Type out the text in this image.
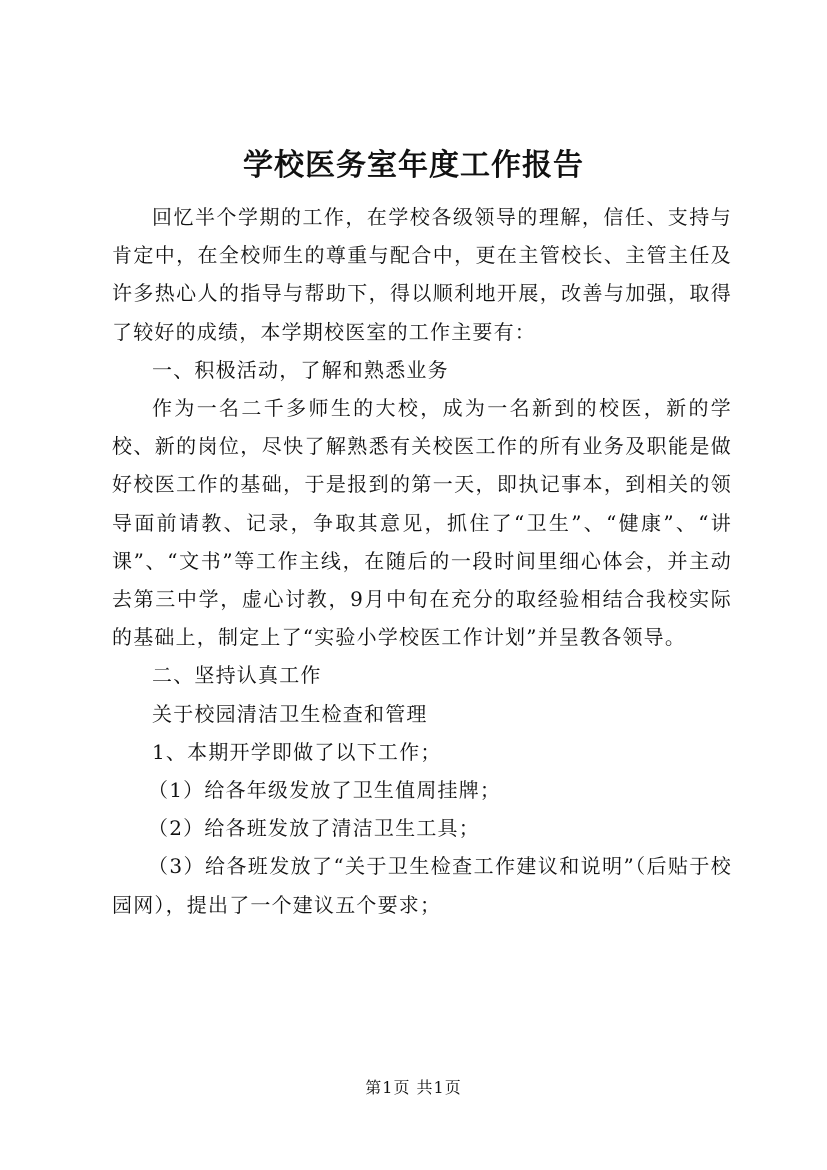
学校医务室年度工作报告

回忆半个学期的工作，在学校各级领导的理解，信任、支持与肯定中，在全校师生的尊重与配合中，更在主管校长、主管主任及许多热心人的指导与帮助下，得以顺利地开展，改善与加强，取得了较好的成绩，本学期校医室的工作主要有：

一、积极活动，了解和熟悉业务

作为一名二千多师生的大校，成为一名新到的校医，新的学校、新的岗位，尽快了解熟悉有关校医工作的所有业务及职能是做好校医工作的基础，于是报到的第一天，即执记事本，到相关的领导面前请教、记录，争取其意见，抓住了“卫生”、“健康”、“讲课”、“文书”等工作主线，在随后的一段时间里细心体会，并主动去第三中学，虚心讨教，9月中旬在充分的取经验相结合我校实际的基础上，制定上了“实验小学校医工作计划”并呈教各领导。

二、坚持认真工作

关于校园清洁卫生检查和管理

1、本期开学即做了以下工作；

（1）给各年级发放了卫生值周挂牌；

（2）给各班发放了清洁卫生工具；

（3）给各班发放了“关于卫生检查工作建议和说明”（后贴于校园网），提出了一个建议五个要求；

第1页 共1页
